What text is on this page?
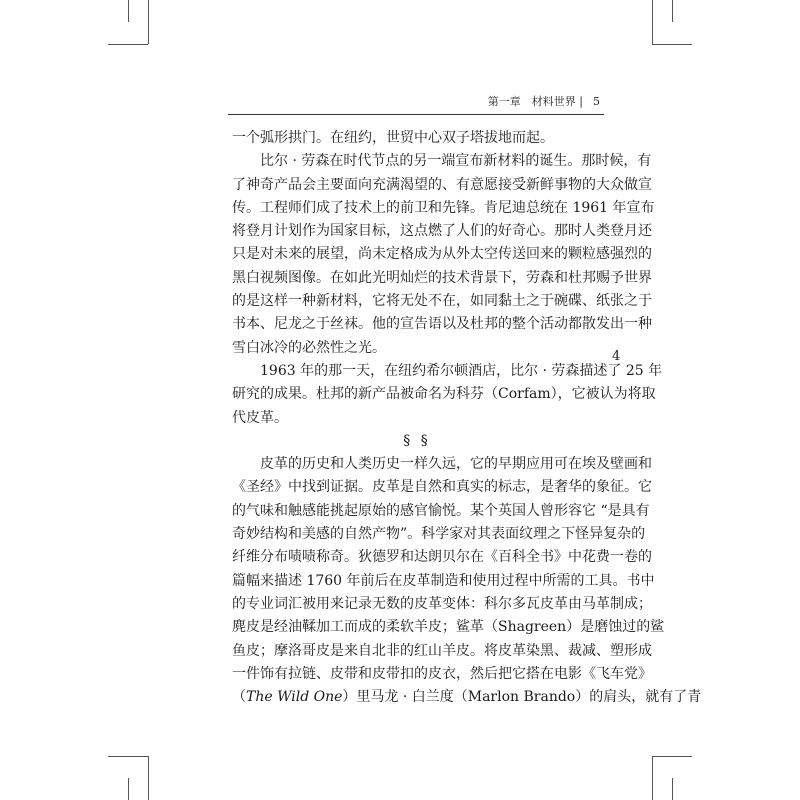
第一章　材料世界 | 5
4
一个弧形拱门。在纽约，世贸中心双子塔拔地而起。
　　比尔 · 劳森在时代节点的另一端宣布新材料的诞生。那时候，有
了神奇产品会主要面向充满渴望的、有意愿接受新鲜事物的大众做宣
传。工程师们成了技术上的前卫和先锋。肯尼迪总统在 1961 年宣布
将登月计划作为国家目标，这点燃了人们的好奇心。那时人类登月还
只是对未来的展望，尚未定格成为从外太空传送回来的颗粒感强烈的
黑白视频图像。在如此光明灿烂的技术背景下，劳森和杜邦赐予世界
的是这样一种新材料，它将无处不在，如同黏土之于碗碟、纸张之于
书本、尼龙之于丝袜。他的宣告语以及杜邦的整个活动都散发出一种
雪白冰冷的必然性之光。
　　1963 年的那一天，在纽约希尔顿酒店，比尔 · 劳森描述了 25 年
研究的成果。杜邦的新产品被命名为科芬（Corfam），它被认为将取
代皮革。
§ §
　　皮革的历史和人类历史一样久远，它的早期应用可在埃及壁画和
《圣经》中找到证据。皮革是自然和真实的标志，是奢华的象征。它
的气味和触感能挑起原始的感官愉悦。某个英国人曾形容它 “是具有
奇妙结构和美感的自然产物”。科学家对其表面纹理之下怪异复杂的
纤维分布啧啧称奇。狄德罗和达朗贝尔在《百科全书》中花费一卷的
篇幅来描述 1760 年前后在皮革制造和使用过程中所需的工具。书中
的专业词汇被用来记录无数的皮革变体：科尔多瓦皮革由马革制成；
麂皮是经油鞣加工而成的柔软羊皮；鲨革（Shagreen）是磨蚀过的鲨
鱼皮；摩洛哥皮是来自北非的红山羊皮。将皮革染黑、裁减、塑形成
一件饰有拉链、皮带和皮带扣的皮衣，然后把它搭在电影《飞车党》
（The Wild One）里马龙 · 白兰度（Marlon Brando）的肩头，就有了青
